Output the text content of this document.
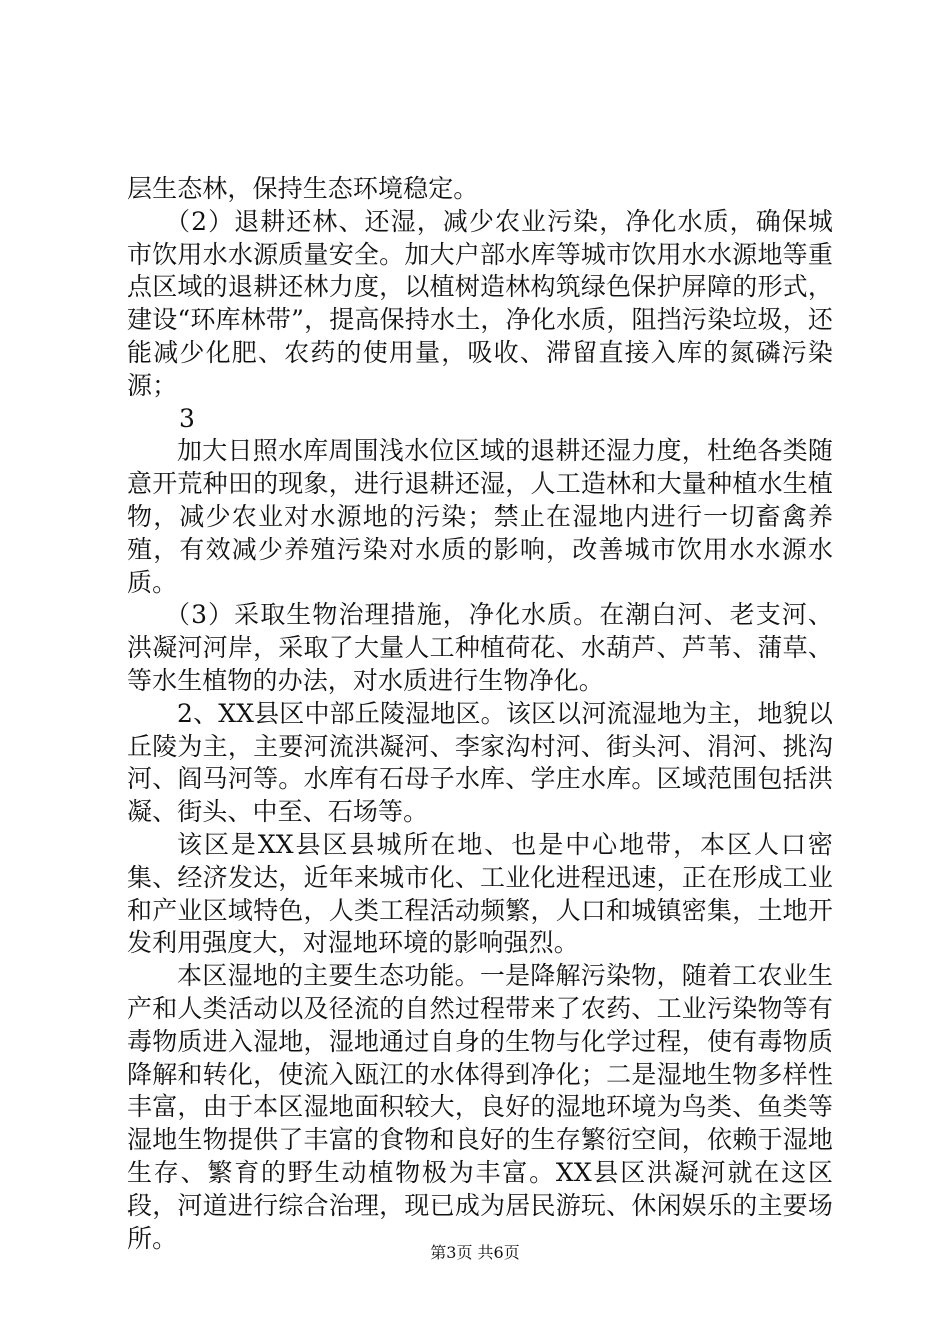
层生态林，保持生态环境稳定。

（2）退耕还林、还湿，减少农业污染，净化水质，确保城市饮用水水源质量安全。加大户部水库等城市饮用水水源地等重点区域的退耕还林力度，以植树造林构筑绿色保护屏障的形式，建设“环库林带”，提高保持水土，净化水质，阻挡污染垃圾，还能减少化肥、农药的使用量，吸收、滞留直接入库的氮磷污染源；

3

加大日照水库周围浅水位区域的退耕还湿力度，杜绝各类随意开荒种田的现象，进行退耕还湿，人工造林和大量种植水生植物，减少农业对水源地的污染；禁止在湿地内进行一切畜禽养殖，有效减少养殖污染对水质的影响，改善城市饮用水水源水质。

（3）采取生物治理措施，净化水质。在潮白河、老支河、洪凝河河岸，采取了大量人工种植荷花、水葫芦、芦苇、蒲草、等水生植物的办法，对水质进行生物净化。

2、XX县区中部丘陵湿地区。该区以河流湿地为主，地貌以丘陵为主，主要河流洪凝河、李家沟村河、街头河、涓河、挑沟河、阎马河等。水库有石母子水库、学庄水库。区域范围包括洪凝、街头、中至、石场等。

该区是XX县区县城所在地、也是中心地带，本区人口密集、经济发达，近年来城市化、工业化进程迅速，正在形成工业和产业区域特色，人类工程活动频繁，人口和城镇密集，土地开发利用强度大，对湿地环境的影响强烈。

本区湿地的主要生态功能。一是降解污染物，随着工农业生产和人类活动以及径流的自然过程带来了农药、工业污染物等有毒物质进入湿地，湿地通过自身的生物与化学过程，使有毒物质降解和转化，使流入瓯江的水体得到净化；二是湿地生物多样性丰富，由于本区湿地面积较大，良好的湿地环境为鸟类、鱼类等湿地生物提供了丰富的食物和良好的生存繁衍空间，依赖于湿地生存、繁育的野生动植物极为丰富。XX县区洪凝河就在这区段，河道进行综合治理，现已成为居民游玩、休闲娱乐的主要场所。	第3页 共6页
